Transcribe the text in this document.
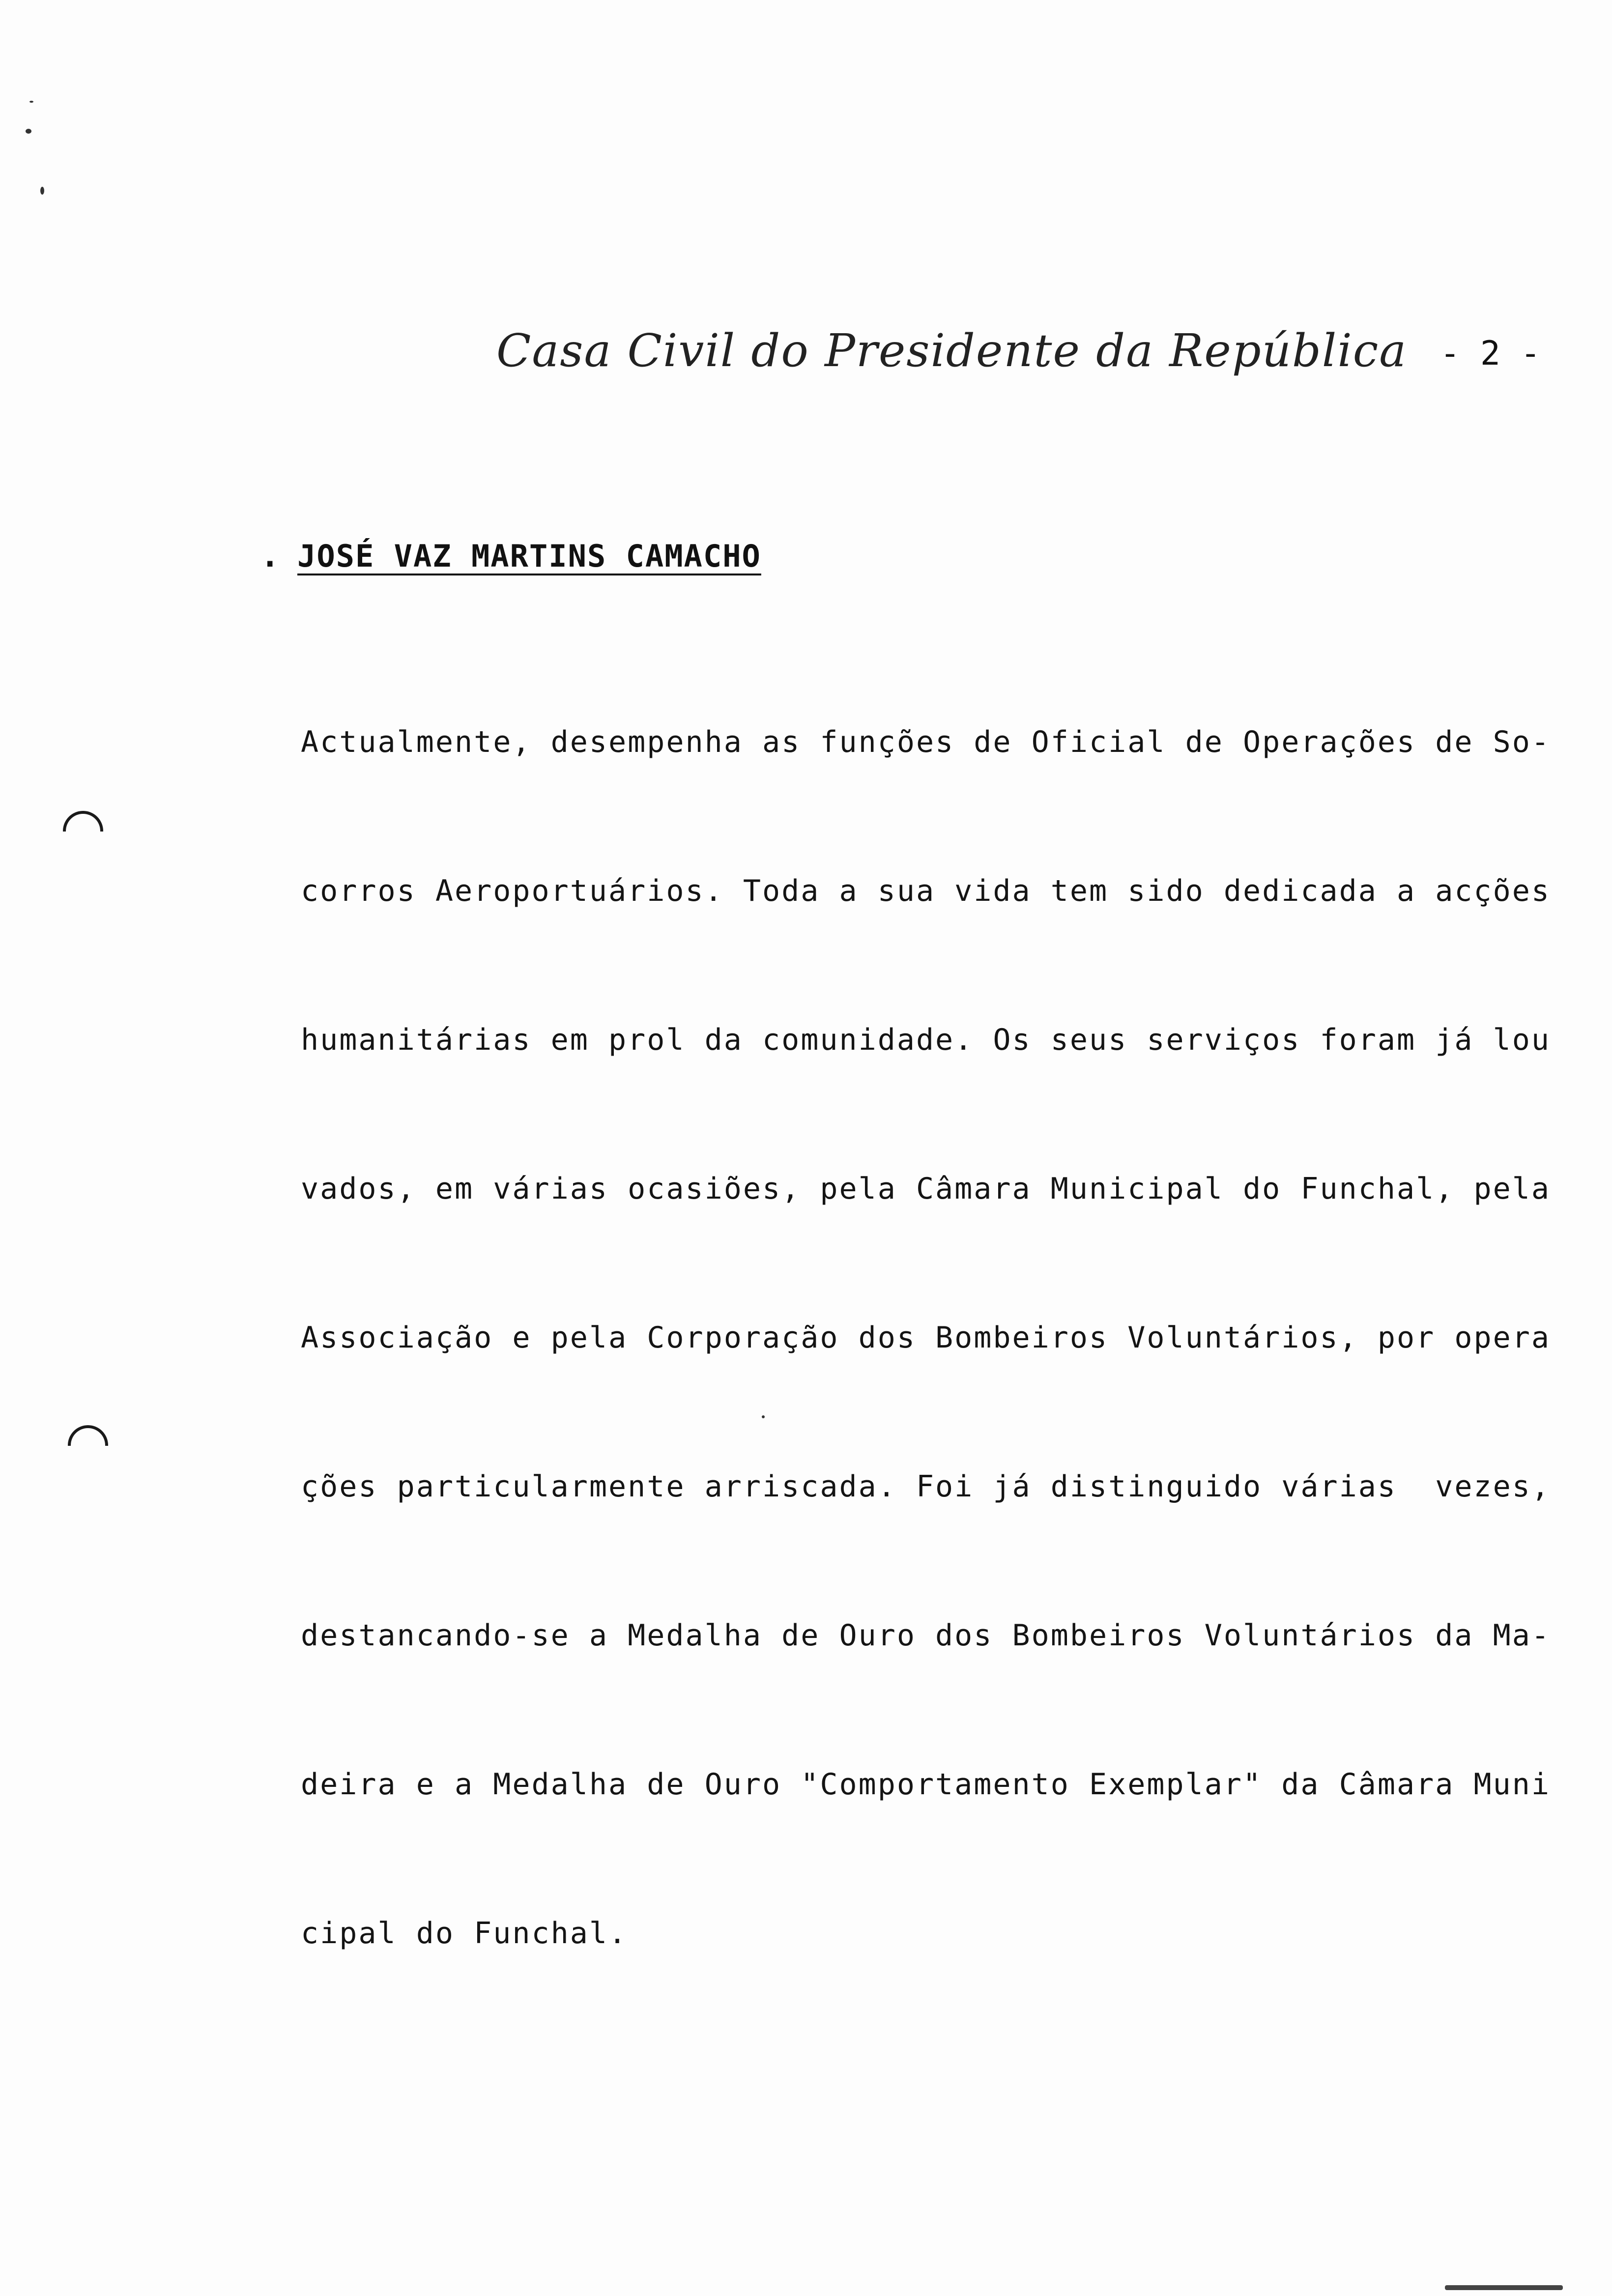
Casa Civil do Presidente da República - 2 -
. JOSÉ VAZ MARTINS CAMACHO

Actualmente, desempenha as funções de Oficial de Operações de So-

corros Aeroportuários. Toda a sua vida tem sido dedicada a acções

humanitárias em prol da comunidade. Os seus serviços foram já lou

vados, em várias ocasiões, pela Câmara Municipal do Funchal, pela

Associação e pela Corporação dos Bombeiros Voluntários, por opera

ções particularmente arriscada. Foi já distinguido várias  vezes,

destancando-se a Medalha de Ouro dos Bombeiros Voluntários da Ma-

deira e a Medalha de Ouro "Comportamento Exemplar" da Câmara Muni

cipal do Funchal.
